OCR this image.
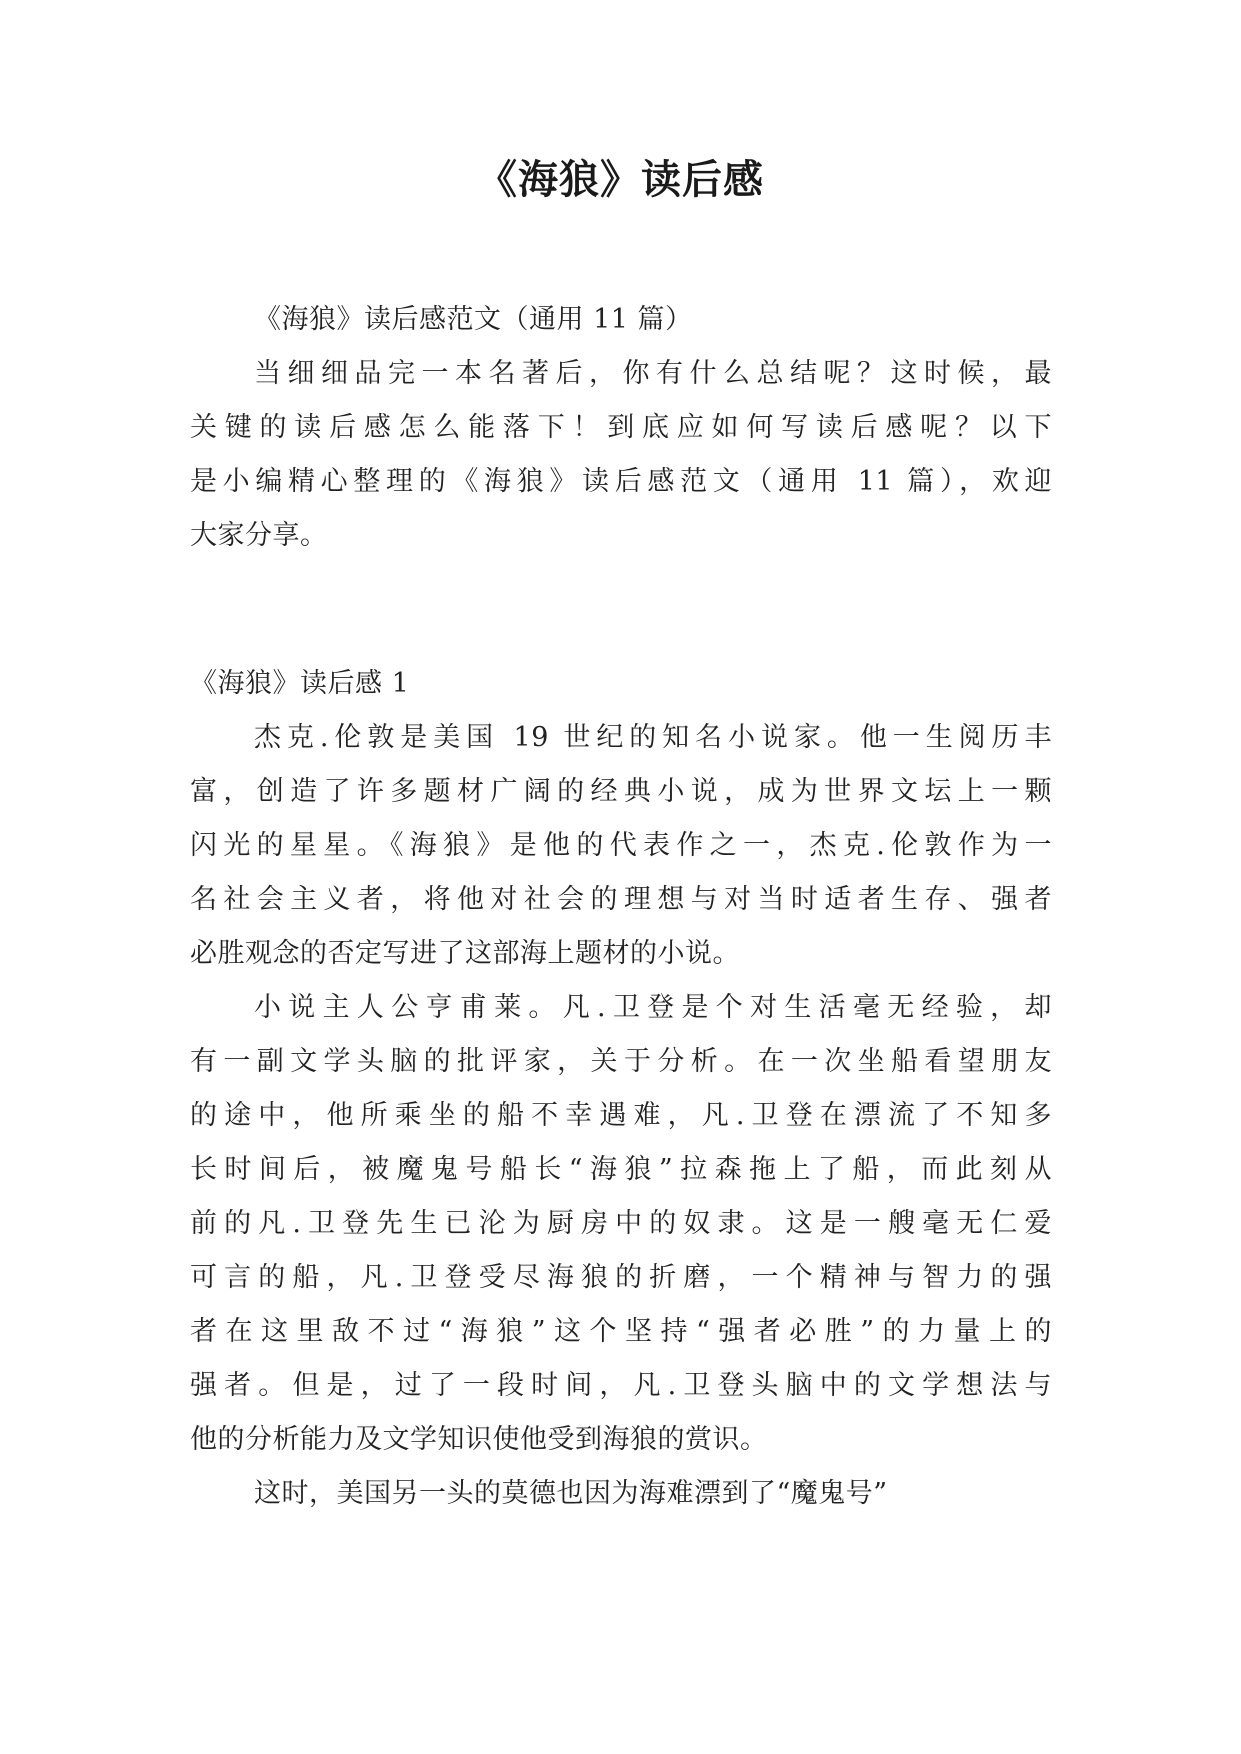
《海狼》读后感
《海狼》读后感范文（通用 11 篇）
当细细品完一本名著后，你有什么总结呢？这时候，最
关键的读后感怎么能落下！到底应如何写读后感呢？以下
是小编精心整理的《海狼》读后感范文（通用 11 篇），欢迎
大家分享。
《海狼》读后感 1
杰克.伦敦是美国 19 世纪的知名小说家。他一生阅历丰
富，创造了许多题材广阔的经典小说，成为世界文坛上一颗
闪光的星星。《海狼》是他的代表作之一，杰克.伦敦作为一
名社会主义者，将他对社会的理想与对当时适者生存、强者
必胜观念的否定写进了这部海上题材的小说。
小说主人公亨甫莱。凡.卫登是个对生活毫无经验，却
有一副文学头脑的批评家，关于分析。在一次坐船看望朋友
的途中，他所乘坐的船不幸遇难，凡.卫登在漂流了不知多
长时间后，被魔鬼号船长“海狼”拉森拖上了船，而此刻从
前的凡.卫登先生已沦为厨房中的奴隶。这是一艘毫无仁爱
可言的船，凡.卫登受尽海狼的折磨，一个精神与智力的强
者在这里敌不过“海狼”这个坚持“强者必胜”的力量上的
强者。但是，过了一段时间，凡.卫登头脑中的文学想法与
他的分析能力及文学知识使他受到海狼的赏识。
这时，美国另一头的莫德也因为海难漂到了“魔鬼号”
